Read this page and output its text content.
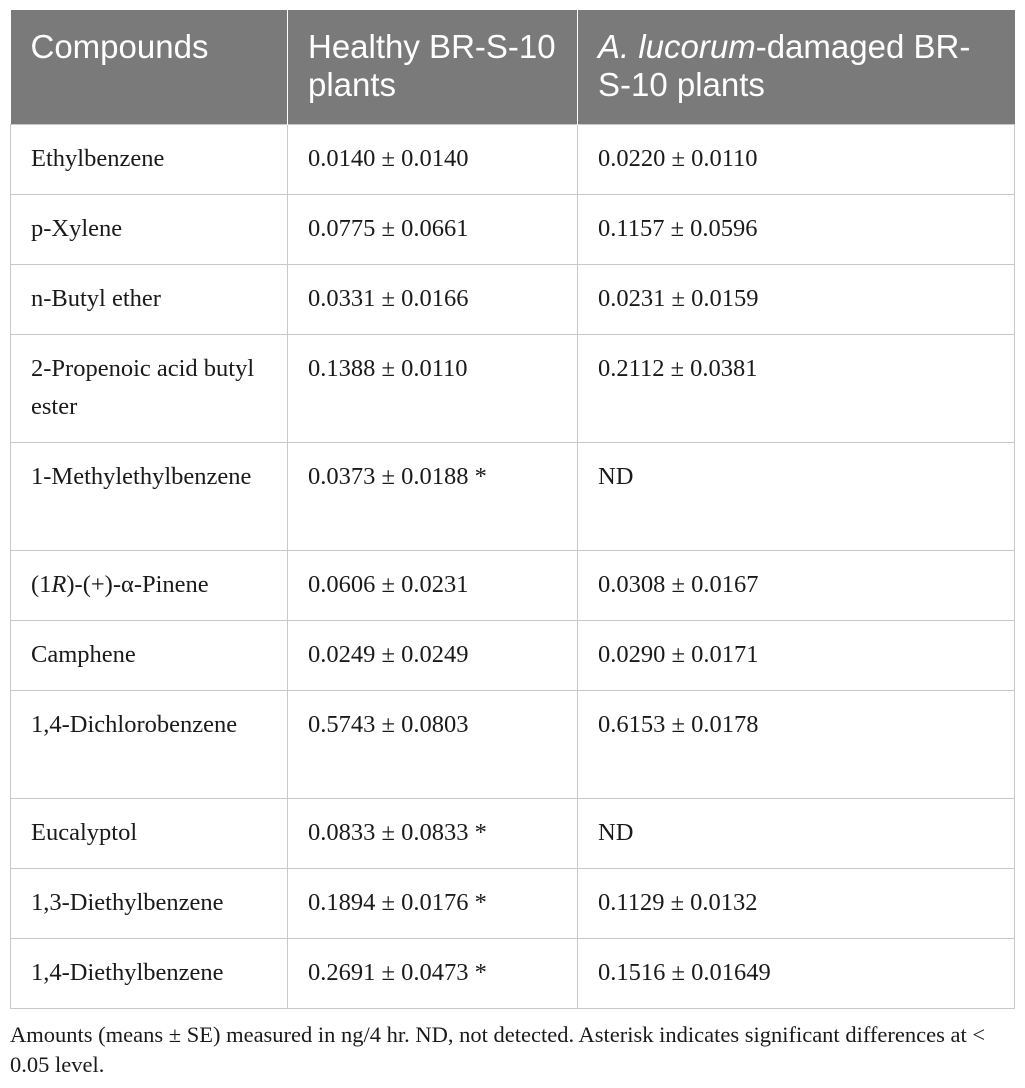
Compounds	Healthy BR-S-10 plants	A. lucorum-damaged BR-S-10 plants
Ethylbenzene	0.0140 ± 0.0140	0.0220 ± 0.0110
p-Xylene	0.0775 ± 0.0661	0.1157 ± 0.0596
n-Butyl ether	0.0331 ± 0.0166	0.0231 ± 0.0159
2-Propenoic acid butyl ester	0.1388 ± 0.0110	0.2112 ± 0.0381
1-Methylethylbenzene	0.0373 ± 0.0188 *	ND
(1R)-(+)-α-Pinene	0.0606 ± 0.0231	0.0308 ± 0.0167
Camphene	0.0249 ± 0.0249	0.0290 ± 0.0171
1,4-Dichlorobenzene	0.5743 ± 0.0803	0.6153 ± 0.0178
Eucalyptol	0.0833 ± 0.0833 *	ND
1,3-Diethylbenzene	0.1894 ± 0.0176 *	0.1129 ± 0.0132
1,4-Diethylbenzene	0.2691 ± 0.0473 *	0.1516 ± 0.01649
Amounts (means ± SE) measured in ng/4 hr. ND, not detected. Asterisk indicates significant differences at < 0.05 level.
